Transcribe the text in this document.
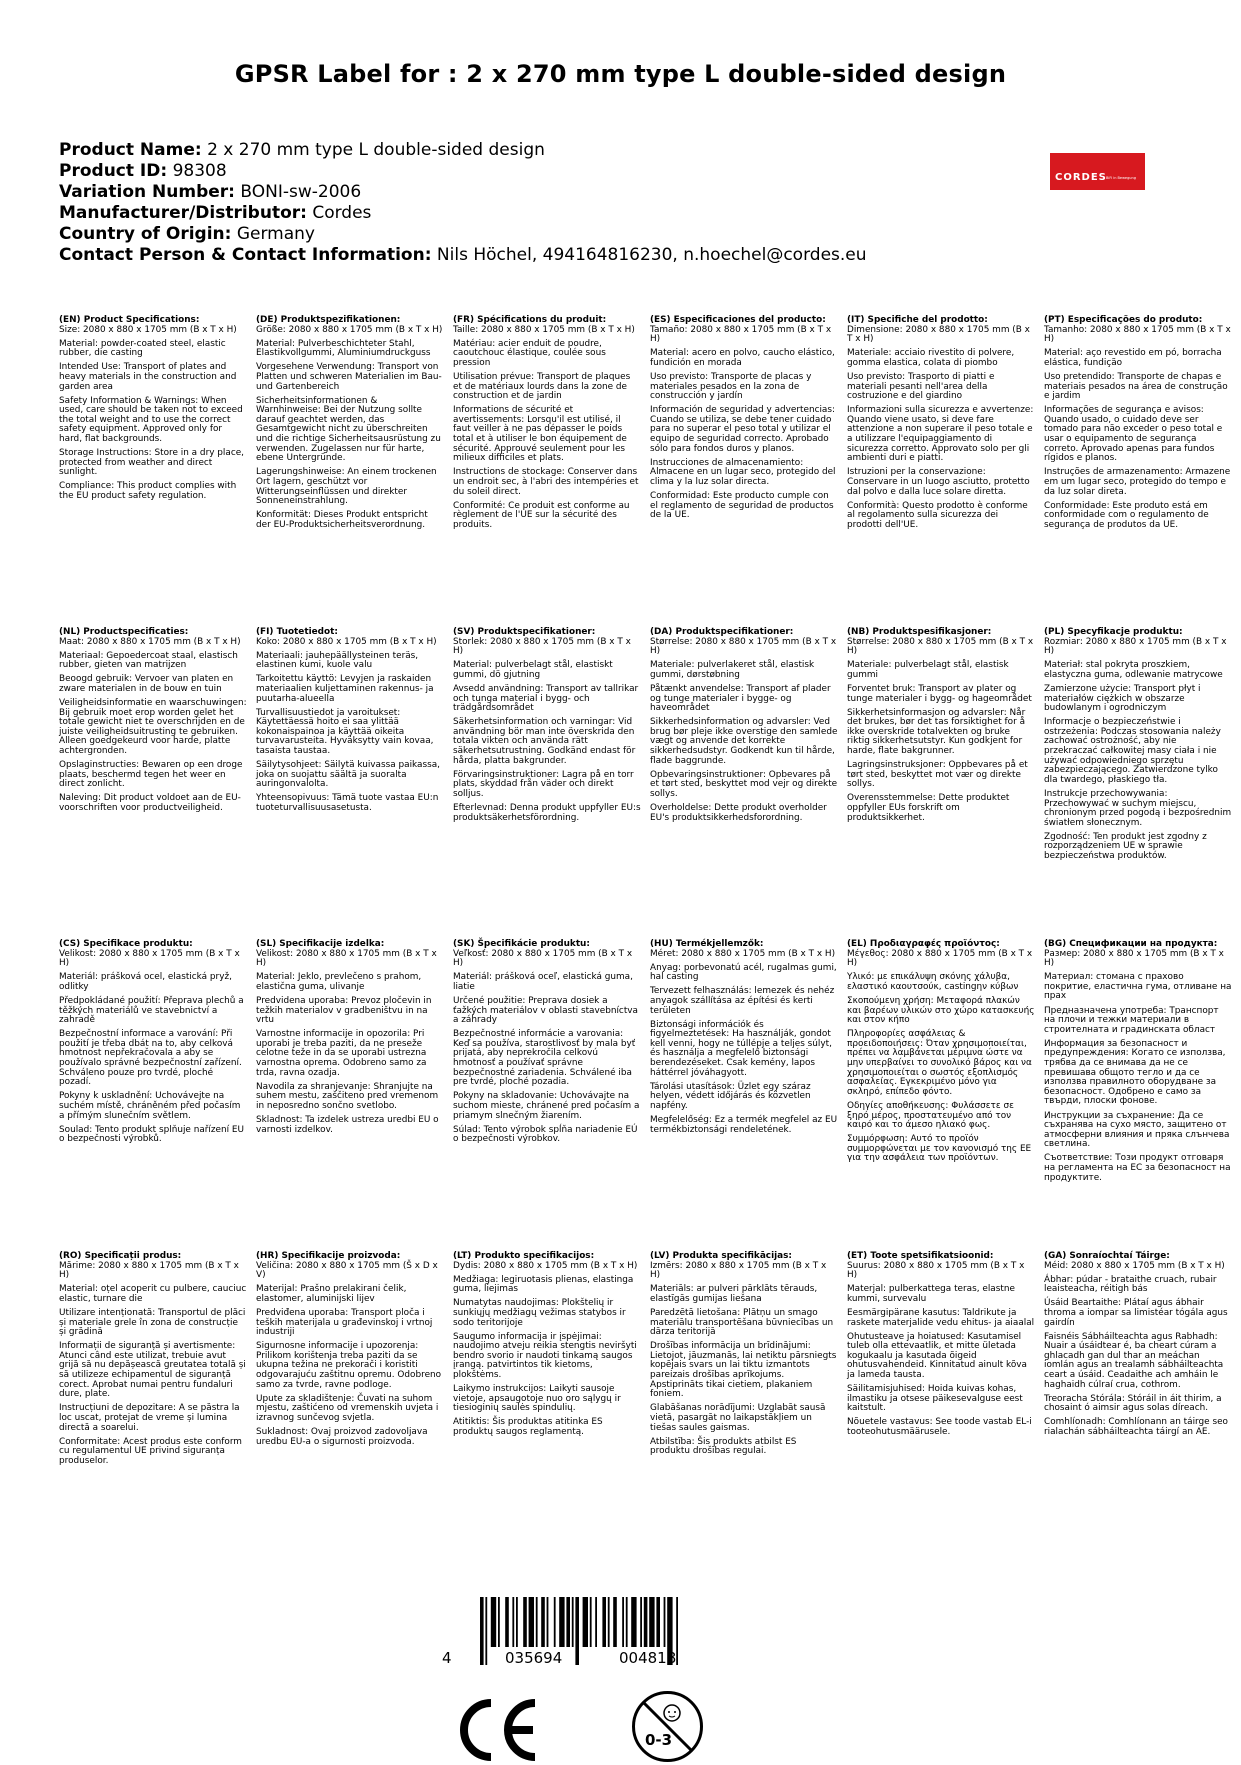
GPSR Label for : 2 x 270 mm type L double-sided design
Product Name: 2 x 270 mm type L double-sided design
Product ID: 98308
Variation Number: BONI-sw-2006
Manufacturer/Distributor: Cordes
Country of Origin: Germany
Contact Person & Contact Information: Nils Höchel, 494164816230, n.hoechel@cordes.eu
CORDES BiFi in Bewegung

(EN) Product Specifications:

Size: 2080 x 880 x 1705 mm (B x T x H)

Material: powder-coated steel, elastic rubber, die casting

Intended Use: Transport of plates and heavy materials in the construction and garden area

Safety Information & Warnings: When used, care should be taken not to exceed the total weight and to use the correct safety equipment. Approved only for hard, flat backgrounds.

Storage Instructions: Store in a dry place, protected from weather and direct sunlight.

Compliance: This product complies with the EU product safety regulation.

(DE) Produktspezifikationen:

Größe: 2080 x 880 x 1705 mm (B x T x H)

Material: Pulverbeschichteter Stahl, Elastikvollgummi, Aluminiumdruckguss

Vorgesehene Verwendung: Transport von Platten und schweren Materialien im Bau- und Gartenbereich

Sicherheitsinformationen & Warnhinweise: Bei der Nutzung sollte darauf geachtet werden, das Gesamtgewicht nicht zu überschreiten und die richtige Sicherheitsausrüstung zu verwenden. Zugelassen nur für harte, ebene Untergründe.

Lagerungshinweise: An einem trockenen Ort lagern, geschützt vor Witterungseinflüssen und direkter Sonneneinstrahlung.

Konformität: Dieses Produkt entspricht der EU-Produktsicherheitsverordnung.

(FR) Spécifications du produit:

Taille: 2080 x 880 x 1705 mm (B x T x H)

Matériau: acier enduit de poudre, caoutchouc élastique, coulée sous pression

Utilisation prévue: Transport de plaques et de matériaux lourds dans la zone de construction et de jardin

Informations de sécurité et avertissements: Lorsqu'il est utilisé, il faut veiller à ne pas dépasser le poids total et à utiliser le bon équipement de sécurité. Approuvé seulement pour les milieux difficiles et plats.

Instructions de stockage: Conserver dans un endroit sec, à l'abri des intempéries et du soleil direct.

Conformité: Ce produit est conforme au règlement de l'UE sur la sécurité des produits.

(ES) Especificaciones del producto:

Tamaño: 2080 x 880 x 1705 mm (B x T x H)

Material: acero en polvo, caucho elástico, fundición en morada

Uso previsto: Transporte de placas y materiales pesados en la zona de construcción y jardín

Información de seguridad y advertencias: Cuando se utiliza, se debe tener cuidado para no superar el peso total y utilizar el equipo de seguridad correcto. Aprobado sólo para fondos duros y planos.

Instrucciones de almacenamiento: Almacene en un lugar seco, protegido del clima y la luz solar directa.

Conformidad: Este producto cumple con el reglamento de seguridad de productos de la UE.

(IT) Specifiche del prodotto:

Dimensione: 2080 x 880 x 1705 mm (B x T x H)

Materiale: acciaio rivestito di polvere, gomma elastica, colata di piombo

Uso previsto: Trasporto di piatti e materiali pesanti nell'area della costruzione e del giardino

Informazioni sulla sicurezza e avvertenze: Quando viene usato, si deve fare attenzione a non superare il peso totale e a utilizzare l'equipaggiamento di sicurezza corretto. Approvato solo per gli ambienti duri e piatti.

Istruzioni per la conservazione: Conservare in un luogo asciutto, protetto dal polvo e dalla luce solare diretta.

Conformità: Questo prodotto è conforme al regolamento sulla sicurezza dei prodotti dell'UE.

(PT) Especificações do produto:

Tamanho: 2080 x 880 x 1705 mm (B x T x H)

Material: aço revestido em pó, borracha elástica, fundição

Uso pretendido: Transporte de chapas e materiais pesados na área de construção e jardim

Informações de segurança e avisos: Quando usado, o cuidado deve ser tomado para não exceder o peso total e usar o equipamento de segurança correto. Aprovado apenas para fundos rígidos e planos.

Instruções de armazenamento: Armazene em um lugar seco, protegido do tempo e da luz solar direta.

Conformidade: Este produto está em conformidade com o regulamento de segurança de produtos da UE.

(NL) Productspecificaties:

Maat: 2080 x 880 x 1705 mm (B x T x H)

Materiaal: Gepoedercoat staal, elastisch rubber, gieten van matrijzen

Beoogd gebruik: Vervoer van platen en zware materialen in de bouw en tuin

Veiligheidsinformatie en waarschuwingen: Bij gebruik moet erop worden gelet het totale gewicht niet te overschrijden en de juiste veiligheidsuitrusting te gebruiken. Alleen goedgekeurd voor harde, platte achtergronden.

Opslaginstructies: Bewaren op een droge plaats, beschermd tegen het weer en direct zonlicht.

Naleving: Dit product voldoet aan de EU-voorschriften voor productveiligheid.

(FI) Tuotetiedot:

Koko: 2080 x 880 x 1705 mm (B x T x H)

Materiaali: jauhepäällysteinen teräs, elastinen kumi, kuole valu

Tarkoitettu käyttö: Levyjen ja raskaiden materiaalien kuljettaminen rakennus- ja puutarha-alueella

Turvallisuustiedot ja varoitukset: Käytettäessä hoito ei saa ylittää kokonaispainoa ja käyttää oikeita turvavarusteita. Hyväksytty vain kovaa, tasaista taustaa.

Säilytysohjeet: Säilytä kuivassa paikassa, joka on suojattu säältä ja suoralta auringonvalolta.

Yhteensopivuus: Tämä tuote vastaa EU:n tuoteturvallisuusasetusta.

(SV) Produktspecifikationer:

Storlek: 2080 x 880 x 1705 mm (B x T x H)

Material: pulverbelagt stål, elastiskt gummi, dö gjutning

Avsedd användning: Transport av tallrikar och tunga material i bygg- och trädgårdsområdet

Säkerhetsinformation och varningar: Vid användning bör man inte överskrida den totala vikten och använda rätt säkerhetsutrustning. Godkänd endast för hårda, platta bakgrunder.

Förvaringsinstruktioner: Lagra på en torr plats, skyddad från väder och direkt solljus.

Efterlevnad: Denna produkt uppfyller EU:s produktsäkerhetsförordning.

(DA) Produktspecifikationer:

Størrelse: 2080 x 880 x 1705 mm (B x T x H)

Materiale: pulverlakeret stål, elastisk gummi, dørstøbning

Påtænkt anvendelse: Transport af plader og tunge materialer i bygge- og haveområdet

Sikkerhedsinformation og advarsler: Ved brug bør pleje ikke overstige den samlede vægt og anvende det korrekte sikkerhedsudstyr. Godkendt kun til hårde, flade baggrunde.

Opbevaringsinstruktioner: Opbevares på et tørt sted, beskyttet mod vejr og direkte sollys.

Overholdelse: Dette produkt overholder EU's produktsikkerhedsforordning.

(NB) Produktspesifikasjoner:

Størrelse: 2080 x 880 x 1705 mm (B x T x H)

Materiale: pulverbelagt stål, elastisk gummi

Forventet bruk: Transport av plater og tunge materialer i bygg- og hageområdet

Sikkerhetsinformasjon og advarsler: Når det brukes, bør det tas forsiktighet for å ikke overskride totalvekten og bruke riktig sikkerhetsutstyr. Kun godkjent for harde, flate bakgrunner.

Lagringsinstruksjoner: Oppbevares på et tørt sted, beskyttet mot vær og direkte sollys.

Overensstemmelse: Dette produktet oppfyller EUs forskrift om produktsikkerhet.

(PL) Specyfikacje produktu:

Rozmiar: 2080 x 880 x 1705 mm (B x T x H)

Materiał: stal pokryta proszkiem, elastyczna guma, odlewanie matrycowe

Zamierzone użycie: Transport płyt i materiałów ciężkich w obszarze budowlanym i ogrodniczym

Informacje o bezpieczeństwie i ostrzeżenia: Podczas stosowania należy zachować ostrożność, aby nie przekraczać całkowitej masy ciała i nie używać odpowiedniego sprzętu zabezpieczającego. Zatwierdzone tylko dla twardego, płaskiego tła.

Instrukcje przechowywania: Przechowywać w suchym miejscu, chronionym przed pogodą i bezpośrednim światłem słonecznym.

Zgodność: Ten produkt jest zgodny z rozporządzeniem UE w sprawie bezpieczeństwa produktów.

(CS) Specifikace produktu:

Velikost: 2080 x 880 x 1705 mm (B x T x H)

Materiál: prášková ocel, elastická pryž, odlitky

Předpokládané použití: Přeprava plechů a těžkých materiálů ve stavebnictví a zahradě

Bezpečnostní informace a varování: Při použití je třeba dbát na to, aby celková hmotnost nepřekračovala a aby se používalo správné bezpečnostní zařízení. Schváleno pouze pro tvrdé, ploché pozadí.

Pokyny k uskladnění: Uchovávejte na suchém místě, chráněném před počasím a přímým slunečním světlem.

Soulad: Tento produkt splňuje nařízení EU o bezpečnosti výrobků.

(SL) Specifikacije izdelka:

Velikost: 2080 x 880 x 1705 mm (B x T x H)

Material: Jeklo, prevlečeno s prahom, elastična guma, ulivanje

Predvidena uporaba: Prevoz pločevin in težkih materialov v gradbeništvu in na vrtu

Varnostne informacije in opozorila: Pri uporabi je treba paziti, da ne preseže celotne teže in da se uporabi ustrezna varnostna oprema. Odobreno samo za trda, ravna ozadja.

Navodila za shranjevanje: Shranjujte na suhem mestu, zaščiteno pred vremenom in neposredno sončno svetlobo.

Skladnost: Ta izdelek ustreza uredbi EU o varnosti izdelkov.

(SK) Špecifikácie produktu:

Veľkosť: 2080 x 880 x 1705 mm (B x T x H)

Materiál: prášková oceľ, elastická guma, liatie

Určené použitie: Preprava dosiek a ťažkých materiálov v oblasti stavebníctva a záhrady

Bezpečnostné informácie a varovania: Keď sa používa, starostlivosť by mala byť prijatá, aby neprekročila celkovú hmotnosť a používať správne bezpečnostné zariadenia. Schválené iba pre tvrdé, ploché pozadia.

Pokyny na skladovanie: Uchovávajte na suchom mieste, chránené pred počasím a priamym slnečným žiarením.

Súlad: Tento výrobok spĺňa nariadenie EÚ o bezpečnosti výrobkov.

(HU) Termékjellemzők:

Méret: 2080 x 880 x 1705 mm (B x T x H)

Anyag: porbevonatú acél, rugalmas gumi, hal casting

Tervezett felhasználás: lemezek és nehéz anyagok szállítása az építési és kerti területen

Biztonsági információk és figyelmeztetések: Ha használják, gondot kell venni, hogy ne túllépje a teljes súlyt, és használja a megfelelő biztonsági berendezéseket. Csak kemény, lapos háttérrel jóváhagyott.

Tárolási utasítások: Üzlet egy száraz helyen, védett időjárás és közvetlen napfény.

Megfelelőség: Ez a termék megfelel az EU termékbiztonsági rendeletének.

(EL) Προδιαγραφές προϊόντος:

Μέγεθος: 2080 x 880 x 1705 mm (B x T x H)

Υλικό: με επικάλυψη σκόνης χάλυβα, ελαστικό καουτσούκ, castingην κύβων

Σκοπούμενη χρήση: Μεταφορά πλακών και βαρέων υλικών στο χώρο κατασκευής και στον κήπο

Πληροφορίες ασφάλειας & προειδοποιήσεις: Όταν χρησιμοποιείται, πρέπει να λαμβάνεται μέριμνα ώστε να μην υπερβαίνει το συνολικό βάρος και να χρησιμοποιείται ο σωστός εξοπλισμός ασφαλείας. Εγκεκριμένο μόνο για σκληρό, επίπεδο φόντο.

Οδηγίες αποθήκευσης: Φυλάσσετε σε ξηρό μέρος, προστατευμένο από τον καιρό και το άμεσο ηλιακό φως.

Συμμόρφωση: Αυτό το προϊόν συμμορφώνεται με τον κανονισμό της ΕΕ για την ασφάλεια των προϊόντων.

(BG) Спецификации на продукта:

Размер: 2080 x 880 x 1705 mm (B x T x H)

Материал: стомана с прахово покритие, еластична гума, отливане на прах

Предназначена употреба: Транспорт на плочи и тежки материали в строителната и градинската област

Информация за безопасност и предупреждения: Когато се използва, трябва да се внимава да не се превишава общото тегло и да се използва правилното оборудване за безопасност. Одобрено е само за твърди, плоски фонове.

Инструкции за съхранение: Да се съхранява на сухо място, защитено от атмосферни влияния и пряка слънчева светлина.

Съответствие: Този продукт отговаря на регламента на ЕС за безопасност на продуктите.

(RO) Specificații produs:

Mărime: 2080 x 880 x 1705 mm (B x T x H)

Material: oțel acoperit cu pulbere, cauciuc elastic, turnare die

Utilizare intenționată: Transportul de plăci și materiale grele în zona de construcție și grădină

Informații de siguranță și avertismente: Atunci când este utilizat, trebuie avut grijă să nu depășească greutatea totală și să utilizeze echipamentul de siguranță corect. Aprobat numai pentru fundaluri dure, plate.

Instrucțiuni de depozitare: A se păstra la loc uscat, protejat de vreme și lumina directă a soarelui.

Conformitate: Acest produs este conform cu regulamentul UE privind siguranța produselor.

(HR) Specifikacije proizvoda:

Veličina: 2080 x 880 x 1705 mm (Š x D x V)

Materijal: Prašno prelakirani čelik, elastomer, aluminijski lijev

Predviđena uporaba: Transport ploča i teških materijala u građevinskoj i vrtnoj industriji

Sigurnosne informacije i upozorenja: Prilikom korištenja treba paziti da se ukupna težina ne prekorači i koristiti odgovarajuću zaštitnu opremu. Odobreno samo za tvrde, ravne podloge.

Upute za skladištenje: Čuvati na suhom mjestu, zaštićeno od vremenskih uvjeta i izravnog sunčevog svjetla.

Sukladnost: Ovaj proizvod zadovoljava uredbu EU-a o sigurnosti proizvoda.

(LT) Produkto specifikacijos:

Dydis: 2080 x 880 x 1705 mm (B x T x H)

Medžiaga: legiruotasis plienas, elastinga guma, liejimas

Numatytas naudojimas: Plokštelių ir sunkiųjų medžiagų vežimas statybos ir sodo teritorijoje

Saugumo informacija ir įspėjimai: naudojimo atveju reikia stengtis neviršyti bendro svorio ir naudoti tinkamą saugos įrangą. patvirtintos tik kietoms, plokštėms.

Laikymo instrukcijos: Laikyti sausoje vietoje, apsaugotoje nuo oro sąlygų ir tiesioginių saulės spindulių.

Atitiktis: Šis produktas atitinka ES produktų saugos reglamentą.

(LV) Produkta specifikācijas:

Izmērs: 2080 x 880 x 1705 mm (B x T x H)

Materiāls: ar pulveri pārklāts tērauds, elastīgās gumijas liešana

Paredzētā lietošana: Plātņu un smago materiālu transportēšana būvniecības un dārza teritorijā

Drošības informācija un brīdinājumi: Lietojot, jāuzmanās, lai netiktu pārsniegts kopējais svars un lai tiktu izmantots pareizais drošības aprīkojums. Apstiprināts tikai cietiem, plakaniem foniem.

Glabāšanas norādījumi: Uzglabāt sausā vietā, pasargāt no laikapstākļiem un tiešas saules gaismas.

Atbilstība: Šis produkts atbilst ES produktu drošības regulai.

(ET) Toote spetsifikatsioonid:

Suurus: 2080 x 880 x 1705 mm (B x T x H)

Materjal: pulberkattega teras, elastne kummi, survevalu

Eesmärgipärane kasutus: Taldrikute ja raskete materjalide vedu ehitus- ja aiaalal

Ohutusteave ja hoiatused: Kasutamisel tuleb olla ettevaatlik, et mitte ületada kogukaalu ja kasutada õigeid ohutusvahendeid. Kinnitatud ainult kõva ja lameda tausta.

Säilitamisjuhised: Hoida kuivas kohas, ilmastiku ja otsese päikesevalguse eest kaitstult.

Nõuetele vastavus: See toode vastab EL-i tooteohutusmäärusele.

(GA) Sonraíochtaí Táirge:

Méid: 2080 x 880 x 1705 mm (B x T x H)

Ábhar: púdar - brataithe cruach, rubair leaisteacha, réitigh bás

Úsáid Beartaithe: Plátaí agus ábhair throma a iompar sa limistéar tógála agus gairdín

Faisnéis Sábháilteachta agus Rabhadh: Nuair a úsáidtear é, ba cheart cúram a ghlacadh gan dul thar an meáchan iomlán agus an trealamh sábháilteachta ceart a úsáid. Ceadaithe ach amháin le haghaidh cúlraí crua, cothrom.

Treoracha Stórála: Stóráil in áit thirim, a chosaint ó aimsir agus solas díreach.

Comhlíonadh: Comhlíonann an táirge seo rialachán sábháilteachta táirgí an AE.

4	035694	004818
0-3
